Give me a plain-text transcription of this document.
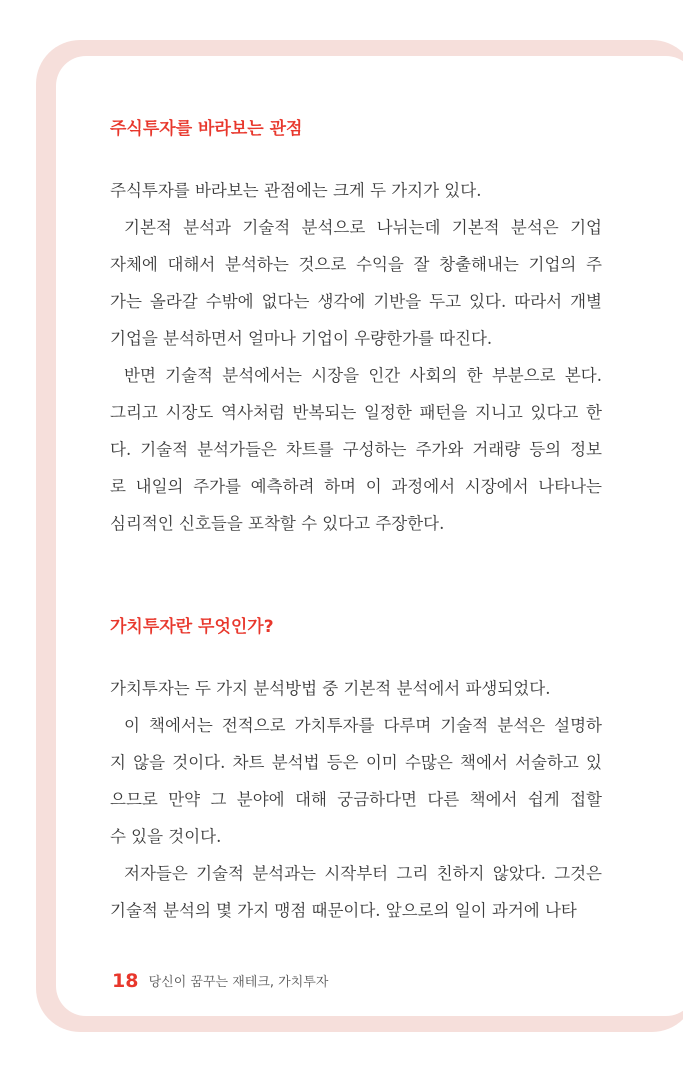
주식투자를 바라보는 관점
주식투자를 바라보는 관점에는 크게 두 가지가 있다.
기본적 분석과 기술적 분석으로 나뉘는데 기본적 분석은 기업
자체에 대해서 분석하는 것으로 수익을 잘 창출해내는 기업의 주
가는 올라갈 수밖에 없다는 생각에 기반을 두고 있다. 따라서 개별
기업을 분석하면서 얼마나 기업이 우량한가를 따진다.
반면 기술적 분석에서는 시장을 인간 사회의 한 부분으로 본다.
그리고 시장도 역사처럼 반복되는 일정한 패턴을 지니고 있다고 한
다. 기술적 분석가들은 차트를 구성하는 주가와 거래량 등의 정보
로 내일의 주가를 예측하려 하며 이 과정에서 시장에서 나타나는
심리적인 신호들을 포착할 수 있다고 주장한다.
가치투자란 무엇인가?
가치투자는 두 가지 분석방법 중 기본적 분석에서 파생되었다.
이 책에서는 전적으로 가치투자를 다루며 기술적 분석은 설명하
지 않을 것이다. 차트 분석법 등은 이미 수많은 책에서 서술하고 있
으므로 만약 그 분야에 대해 궁금하다면 다른 책에서 쉽게 접할
수 있을 것이다.
저자들은 기술적 분석과는 시작부터 그리 친하지 않았다. 그것은
기술적 분석의 몇 가지 맹점 때문이다. 앞으로의 일이 과거에 나타
18 당신이 꿈꾸는 재테크, 가치투자
